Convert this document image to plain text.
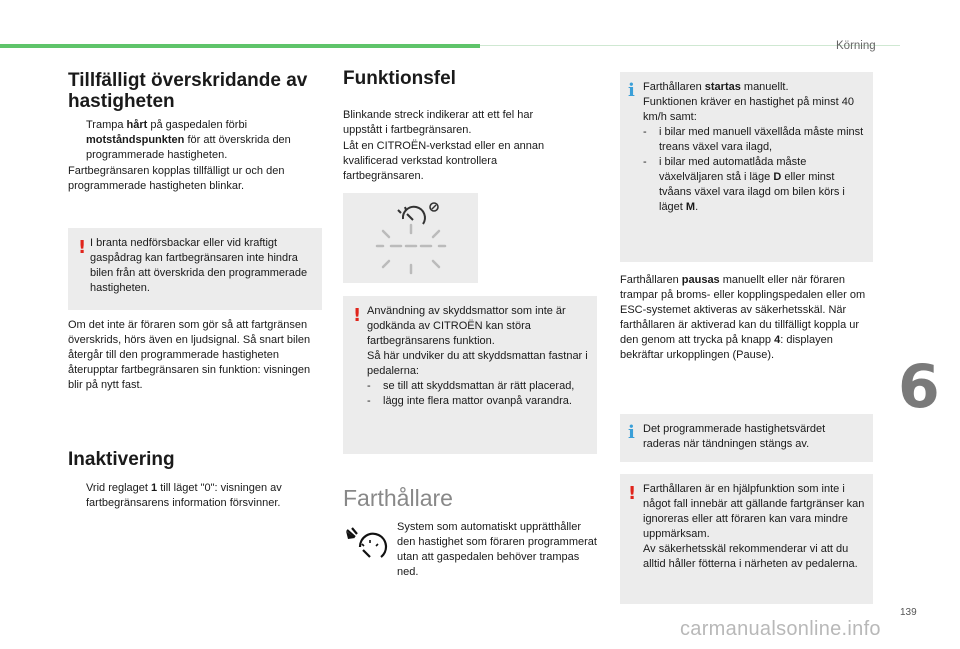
Körning
6
139
carmanualsonline.info
Tillfälligt överskridande av hastigheten
Trampa hårt på gaspedalen förbi motståndspunkten för att överskrida den programmerade hastigheten.

Fartbegränsaren kopplas tillfälligt ur och den programmerade hastigheten blinkar.

! I branta nedförsbackar eller vid kraftigt gaspådrag kan fartbegränsaren inte hindra bilen från att överskrida den programmerade hastigheten.

Om det inte är föraren som gör så att fartgränsen överskrids, hörs även en ljudsignal. Så snart bilen återgår till den programmerade hastigheten återupptar fartbegränsaren sin funktion: visningen blir på nytt fast.

Inaktivering
Vrid reglaget 1 till läget "0": visningen av fartbegränsarens information försvinner.
Funktionsfel

Blinkande streck indikerar att ett fel har uppstått i fartbegränsaren.

Låt en CITROËN-verkstad eller en annan kvalificerad verkstad kontrollera fartbegränsaren.

! Användning av skyddsmattor som inte är godkända av CITROËN kan störa fartbegränsarens funktion.
Så här undviker du att skyddsmattan fastnar i pedalerna:
-	se till att skyddsmattan är rätt placerad,
-	lägg inte flera mattor ovanpå varandra.
Farthållare

System som automatiskt upprätthåller den hastighet som föraren programmerat utan att gaspedalen behöver trampas ned.

i Farthållaren startas manuellt.
Funktionen kräver en hastighet på minst 40 km/h samt:
-	i bilar med manuell växellåda måste minst treans växel vara ilagd,
-	i bilar med automatlåda måste växelväljaren stå i läge D eller minst tvåans växel vara ilagd om bilen körs i läget M.

Farthållaren pausas manuellt eller när föraren trampar på broms- eller kopplingspedalen eller om ESC-systemet aktiveras av säkerhetsskäl. När farthållaren är aktiverad kan du tillfälligt koppla ur den genom att trycka på knapp 4: displayen bekräftar urkopplingen (Pause).

i Det programmerade hastighetsvärdet raderas när tändningen stängs av.

! Farthållaren är en hjälpfunktion som inte i något fall innebär att gällande fartgränser kan ignoreras eller att föraren kan vara mindre uppmärksam.
Av säkerhetsskäl rekommenderar vi att du alltid håller fötterna i närheten av pedalerna.
